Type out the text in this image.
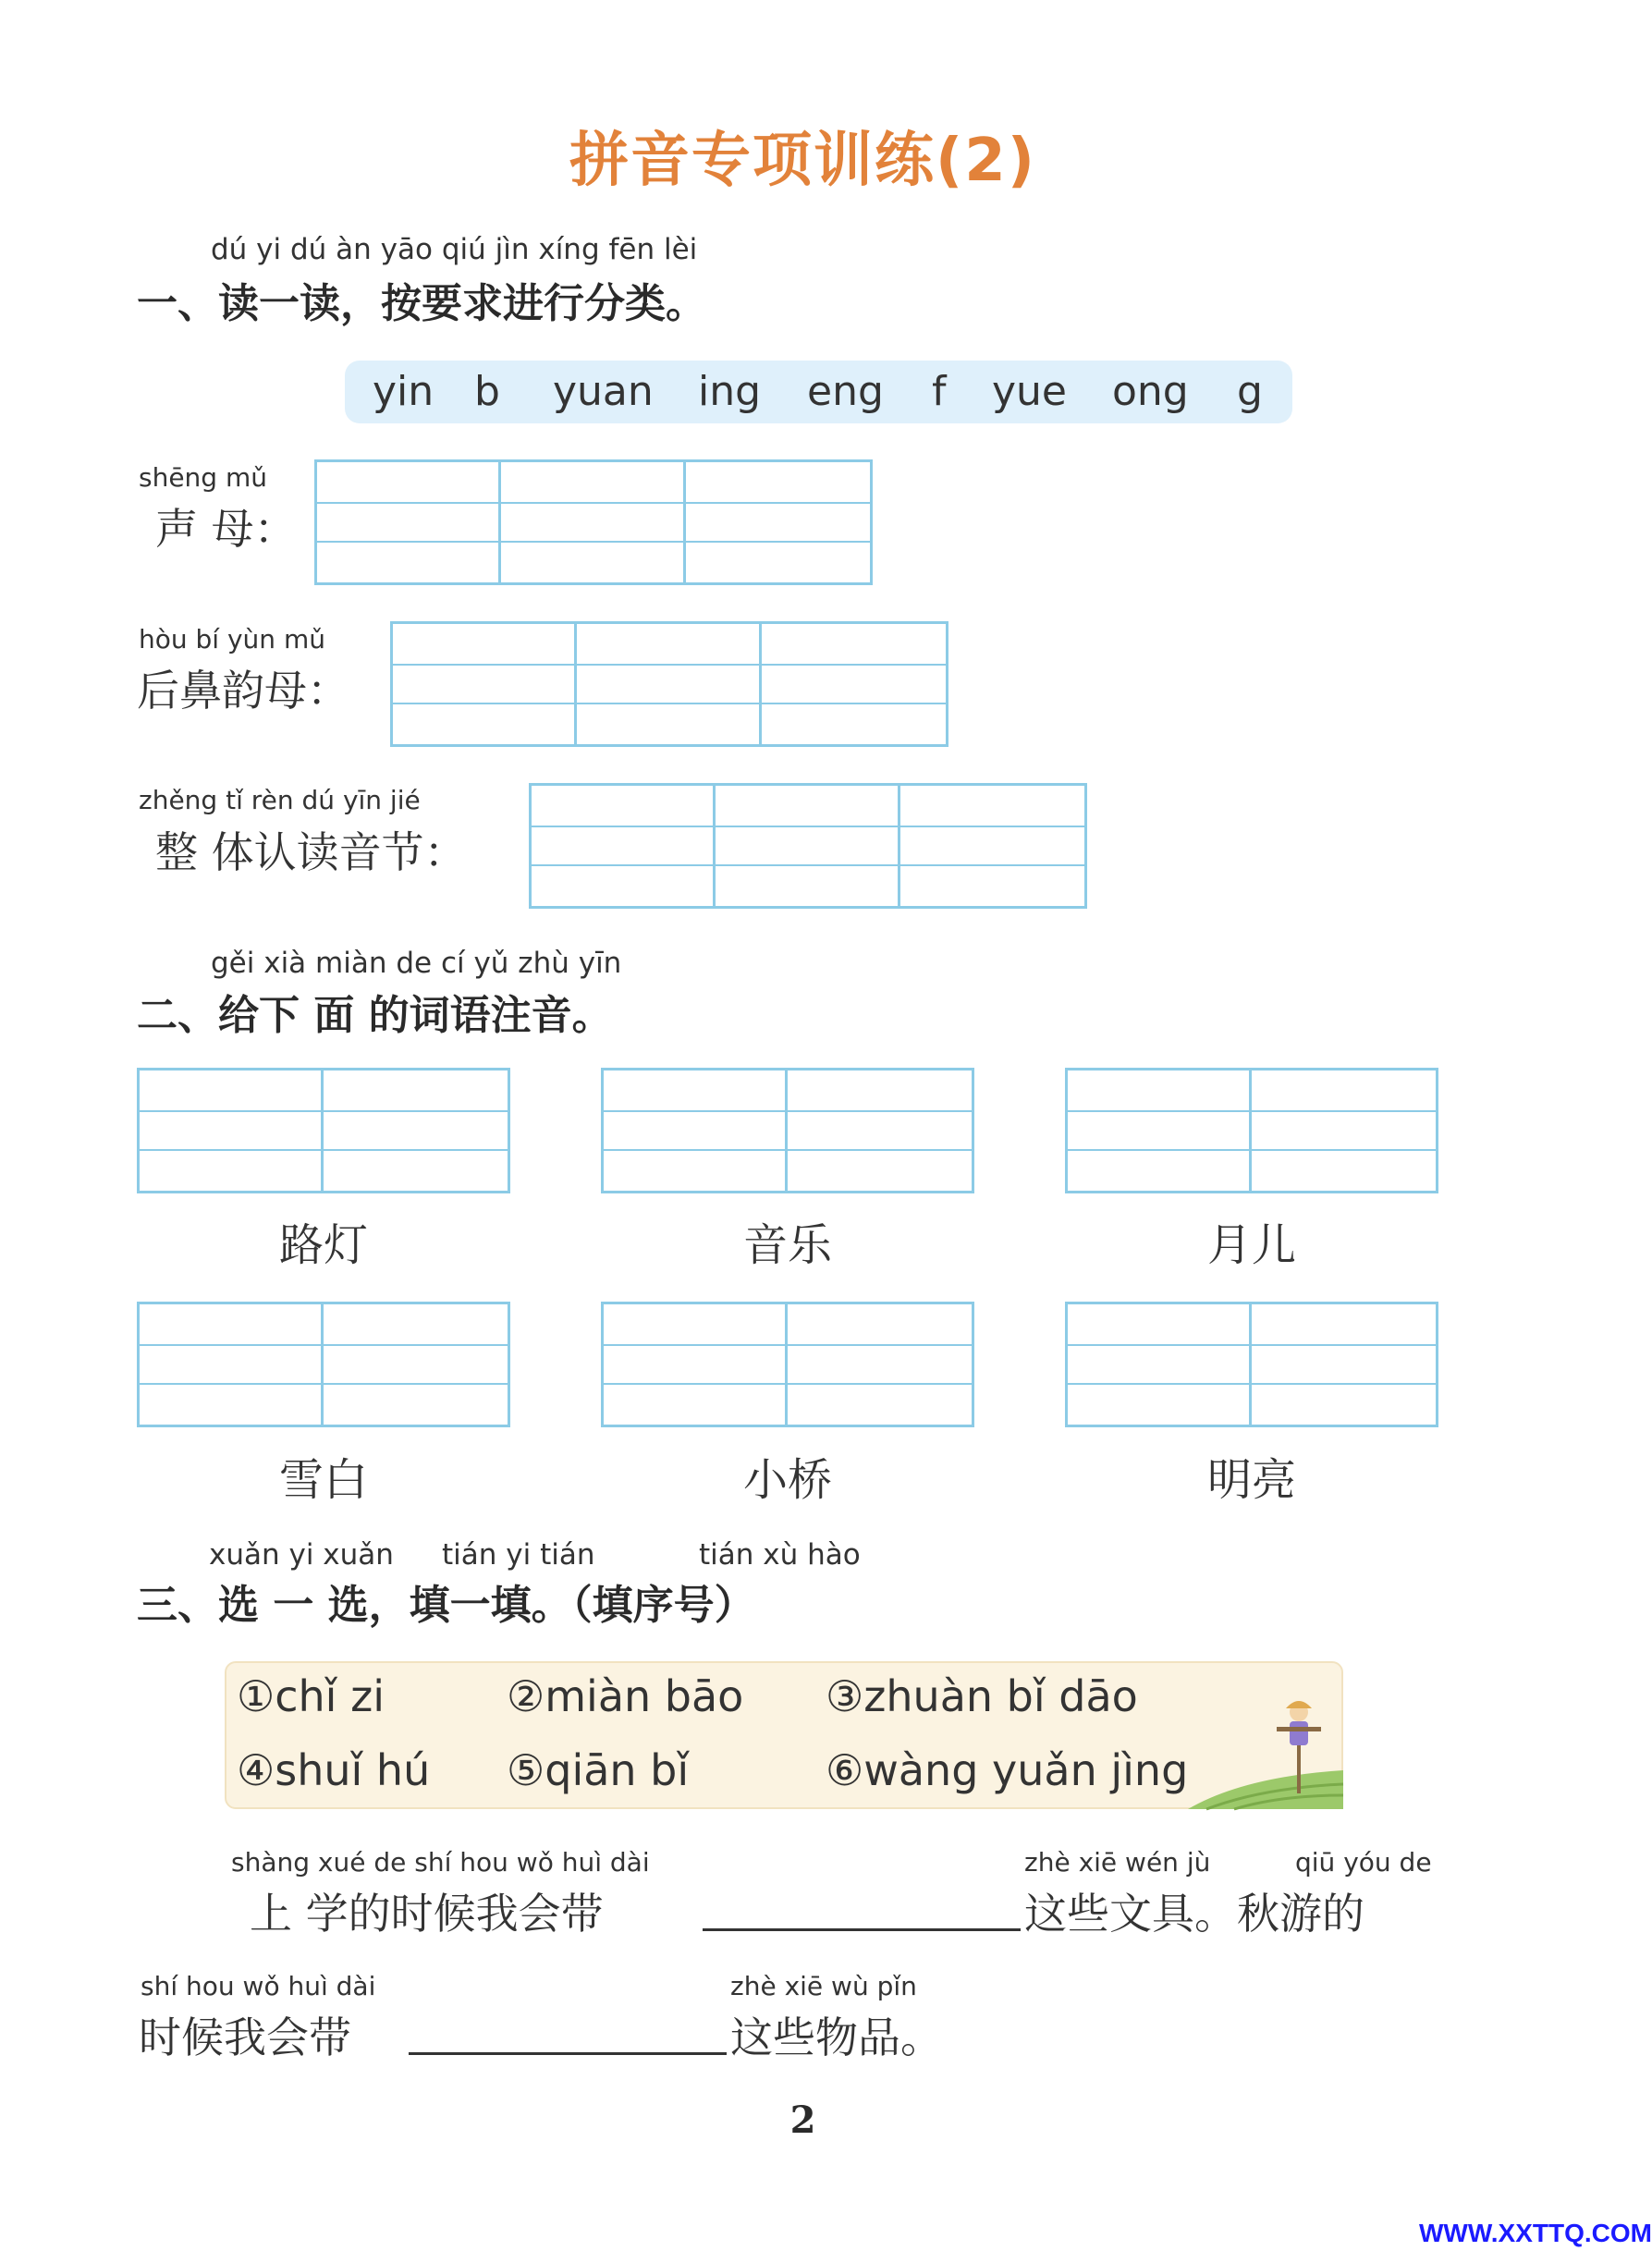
拼音专项训练(2)
dú yi dú àn yāo qiú jìn xíng fēn lèi
一、读一读，按要求进行分类。
yin b yuan ing eng f yue ong g
shēng mǔ
声 母：
hòu bí yùn mǔ
后鼻韵母：
zhěng tǐ rèn dú yīn jié
整 体认读音节：
gěi xià miàn de cí yǔ zhù yīn
二、给下 面 的词语注音。
路灯	音乐	月儿
雪白	小桥	明亮
xuǎn yi xuǎn tián yi tián	tián xù hào
三、选 一 选，填一填。（填序号）
①chǐ zi	②miàn bāo ③zhuàn bǐ dāo
④shuǐ hú ⑤qiān bǐ	⑥wàng yuǎn jìng
shàng xué de shí hou wǒ huì dài	zhè xiē wén jù	qiū yóu de
上 学的时候我会带	这些文具。秋游的
shí hou wǒ huì dài	zhè xiē wù pǐn
时候我会带	这些物品。
2
WWW.XXTTQ.COM
